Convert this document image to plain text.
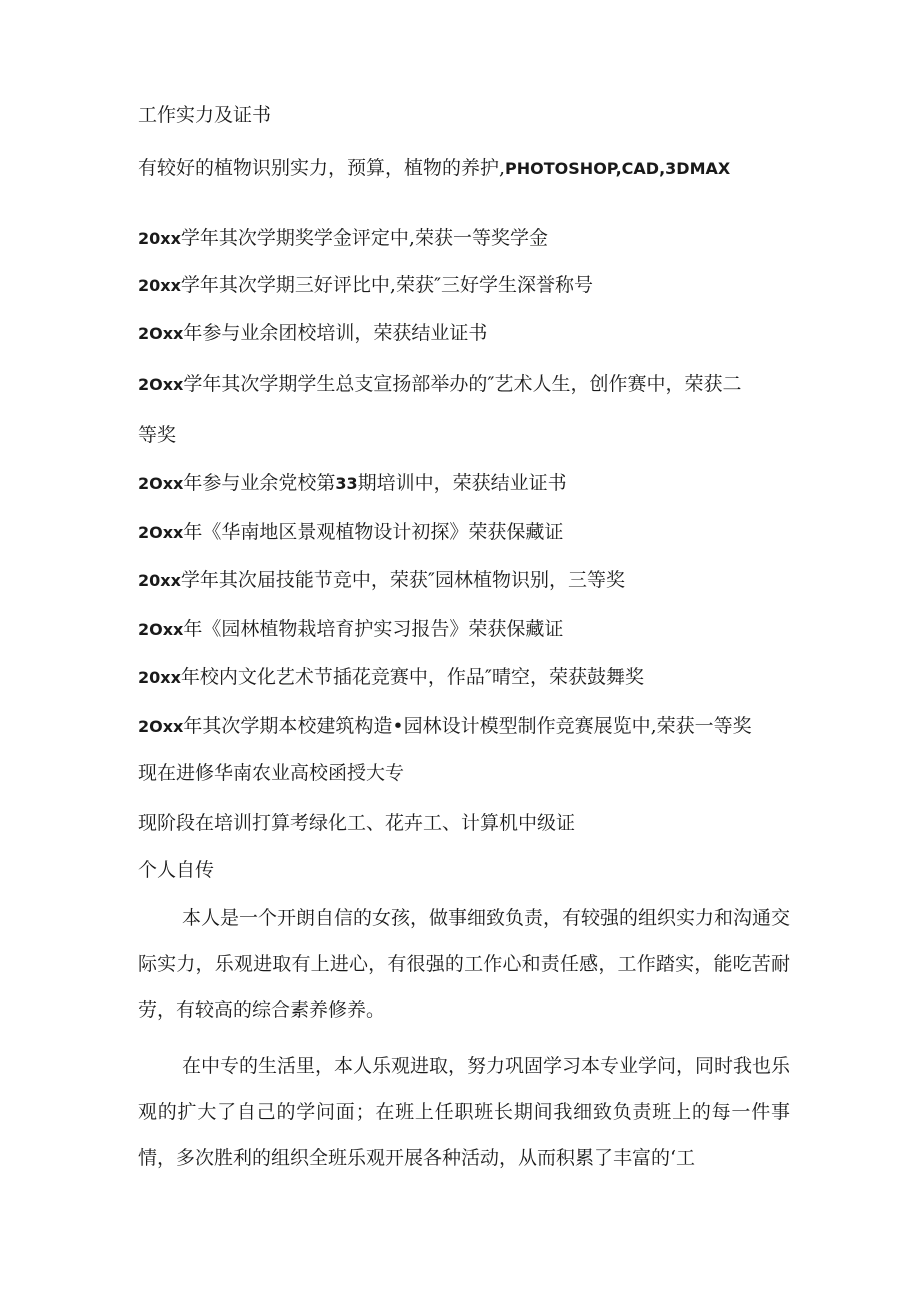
工作实力及证书
有较好的植物识别实力，预算，植物的养护,PHOTOSHOP,CAD,3DMAX
20xx学年其次学期奖学金评定中,荣获一等奖学金
20xx学年其次学期三好评比中,荣获″三好学生深誉称号
2Oxx年参与业余团校培训，荣获结业证书
2Oxx学年其次学期学生总支宣扬部举办的″艺术人生，创作赛中，荣获二
等奖
2Oxx年参与业余党校第33期培训中，荣获结业证书
2Oxx年《华南地区景观植物设计初探》荣获保藏证
20xx学年其次届技能节竞中，荣获″园林植物识别，三等奖
2Oxx年《园林植物栽培育护实习报告》荣获保藏证
20xx年校内文化艺术节插花竞赛中，作品″晴空，荣获鼓舞奖
2Oxx年其次学期本校建筑构造•园林设计模型制作竞赛展览中,荣获一等奖
现在进修华南农业高校函授大专
现阶段在培训打算考绿化工、花卉工、计算机中级证
个人自传
本人是一个开朗自信的女孩，做事细致负责，有较强的组织实力和沟通交际实力，乐观进取有上进心，有很强的工作心和责任感，工作踏实，能吃苦耐劳，有较高的综合素养修养。
在中专的生活里，本人乐观进取，努力巩固学习本专业学问，同时我也乐观的扩大了自己的学问面；在班上任职班长期间我细致负责班上的每一件事情，多次胜利的组织全班乐观开展各种活动，从而积累了丰富的‘工
